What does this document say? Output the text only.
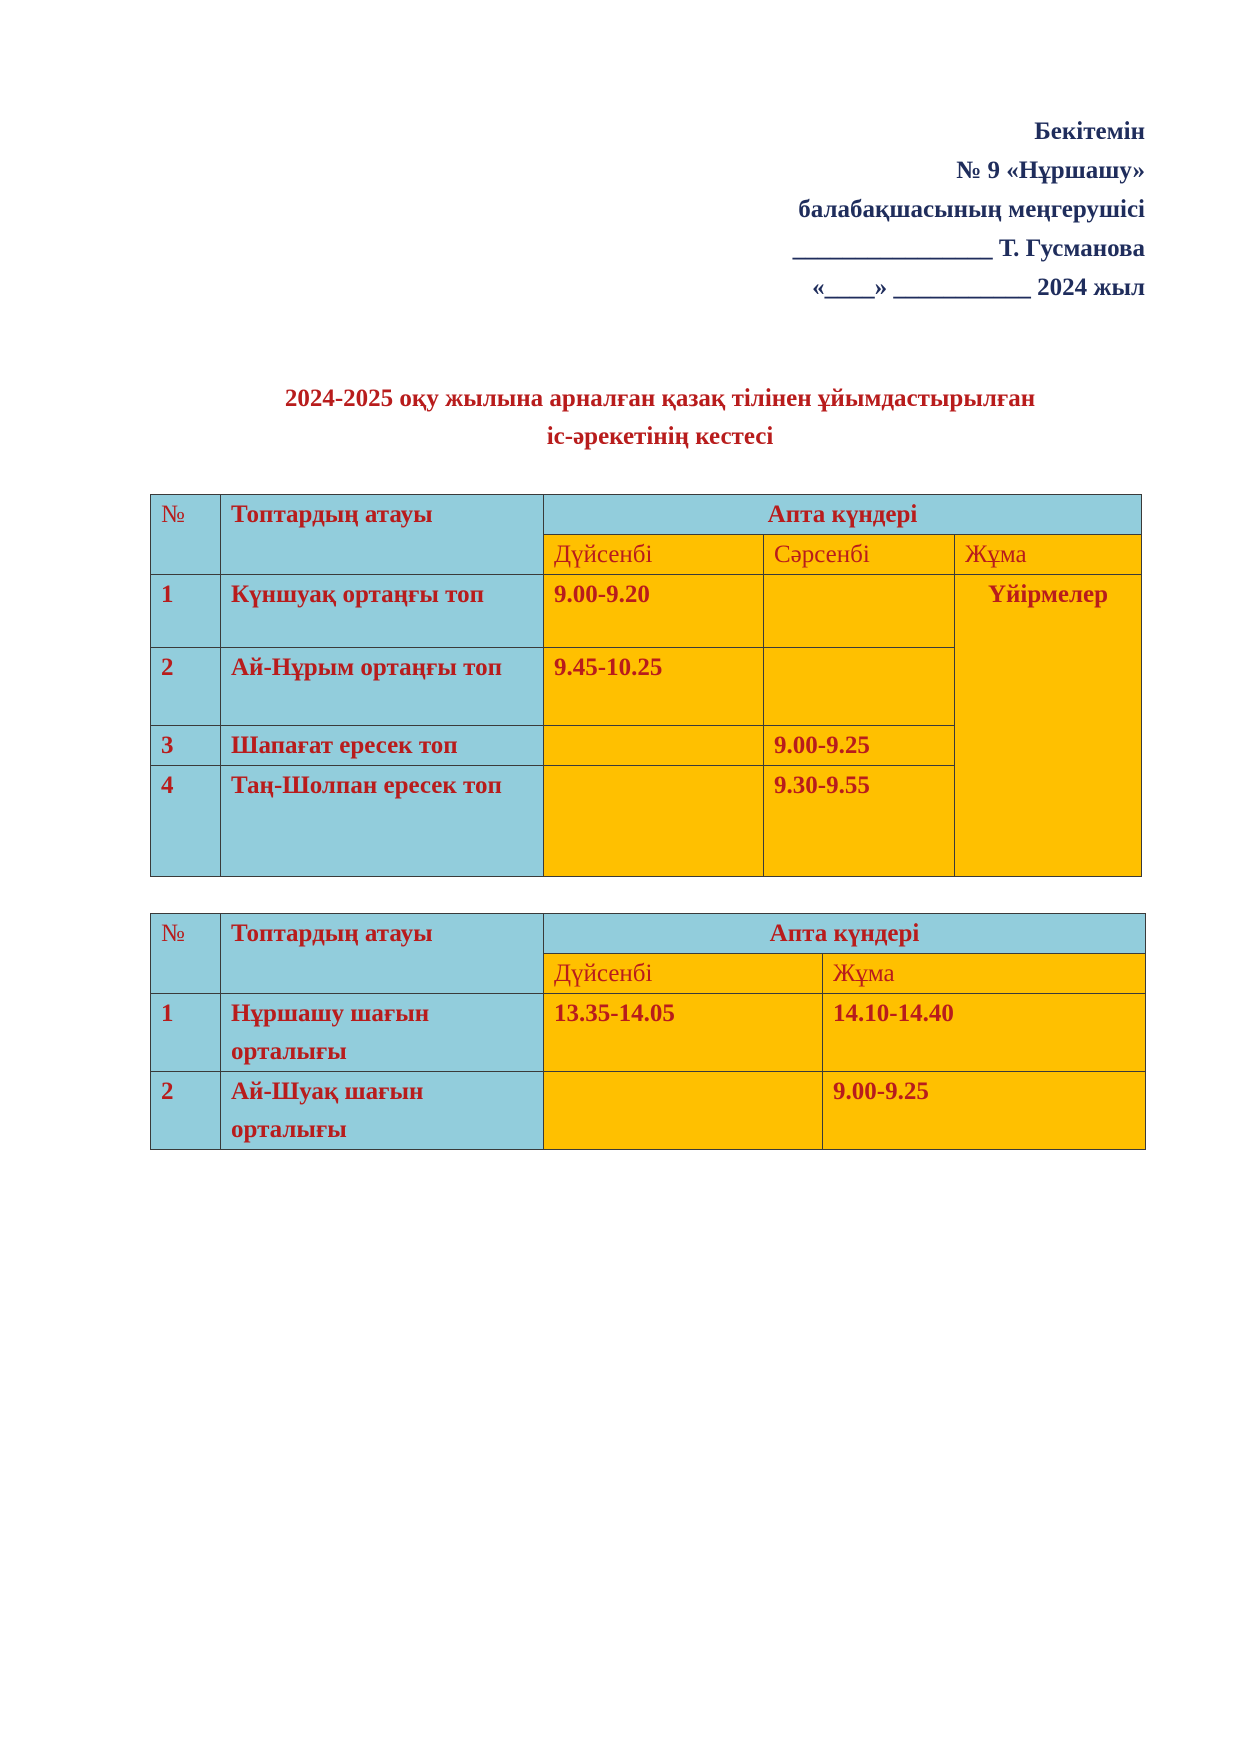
Бекітемін
№ 9 «Нұршашу»
балабақшасының меңгерушісі
________________ Т. Гусманова
«____» ___________ 2024 жыл
2024-2025 оқу жылына арналған қазақ тілінен ұйымдастырылған
іс-әрекетінің кестесі
№	Топтардың атауы	Апта күндері		
		Дүйсенбі	Сәрсенбі	Жұма
1	Күншуақ ортаңғы топ	9.00-9.20		Үйірмелер
2	Ай-Нұрым ортаңғы топ	9.45-10.25		
3	Шапағат ересек топ		9.00-9.25	
4	Таң-Шолпан ересек топ		9.30-9.55	
№	Топтардың атауы	Апта күндері	
		Дүйсенбі	Жұма
1	Нұршашу шағын орталығы	13.35-14.05	14.10-14.40
2	Ай-Шуақ шағын орталығы		9.00-9.25
